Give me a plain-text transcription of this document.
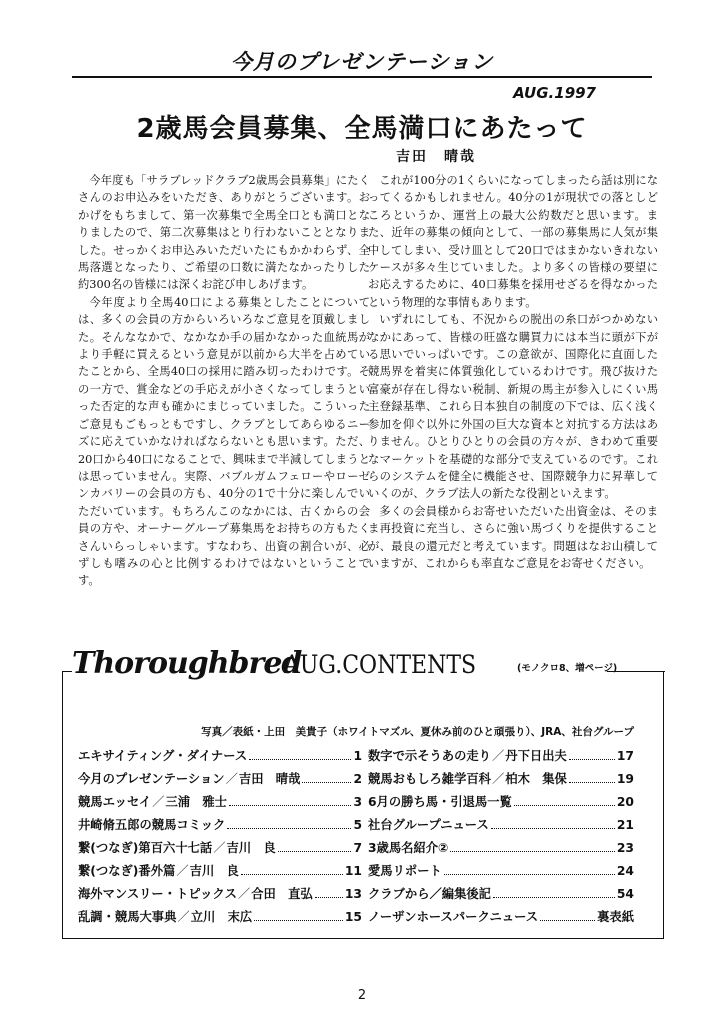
今月のプレゼンテーション
AUG.1997
2歳馬会員募集、全馬満口にあたって
吉田　晴哉

今年度も「サラブレッドクラブ2歳馬会員募集」にたくさんのお申込みをいただき、ありがとうございます。おかげをもちまして、第一次募集で全馬全口とも満口となりましたので、第二次募集はとり行わないこととなりました。せっかくお申込みいただいたにもかかわらず、全馬落選となったり、ご希望の口数に満たなかったりした約300名の皆様には深くお詫び申しあげます。

今年度より全馬40口による募集としたことについては、多くの会員の方からいろいろなご意見を頂戴しました。そんななかで、なかなか手の届かなかった血統馬がより手軽に買えるという意見が以前から大半を占めていたことから、全馬40口の採用に踏み切ったわけです。その一方で、賞金などの手応えが小さくなってしまうといった否定的な声も確かにまじっていました。こういったご意見もごもっともですし、クラブとしてあらゆるニーズに応えていかなければならないとも思います。ただ、20口から40口になることで、興味まで半減してしまうとは思っていません。実際、バブルガムフェローやローゼンカバリーの会員の方も、40分の1で十分に楽しんでいただいています。もちろんこのなかには、古くからの会員の方や、オーナーグループ募集馬をお持ちの方もたくさんいらっしゃいます。すなわち、出資の割合いが、必ずしも嗜みの心と比例するわけではないということです。

これが100分の1くらいになってしまったら話は別になってくるかもしれません。40分の1が現状での落としどころというか、運営上の最大公約数だと思います。また、近年の募集の傾向として、一部の募集馬に人気が集中してしまい、受け皿として20口ではまかないきれないケースが多々生じていました。より多くの皆様の要望にお応えするために、40口募集を採用せざるを得なかったという物理的な事情もあります。

いずれにしても、不況からの脱出の糸口がつかめないなかにあって、皆様の旺盛な購買力には本当に頭が下がる思いでいっぱいです。この意欲が、国際化に直面した競馬界を着実に体質強化しているわけです。飛び抜けた富豪が存在し得ない税制、新規の馬主が参入しにくい馬主登録基準、これら日本独自の制度の下では、広く浅く参加を仰ぐ以外に外国の巨大な資本と対抗する方法はありません。ひとりひとりの会員の方々が、きわめて重要なマーケットを基礎的な部分で支えているのです。これらのシステムを健全に機能させ、国際競争力に昇華していくのが、クラブ法人の新たな役割といえます。

多くの会員様からお寄せいただいた出資金は、そのまま再投資に充当し、さらに強い馬づくりを提供することが、最良の還元だと考えています。問題はなお山積していますが、これからも率直なご意見をお寄せください。

Thoroughbred
AUG.CONTENTS	(モノクロ8、増ページ)
写真／表紙・上田　美貴子（ホワイトマズル、夏休み前のひと頑張り）、JRA、社台グループ
エキサイティング・ダイナース	1
今月のプレゼンテーション ／ 吉田　晴哉	2
競馬エッセイ ／ 三浦　雅士	3
井崎脩五郎の競馬コミック	5
繋(つなぎ)第百六十七話 ／ 吉川　良	7
繋(つなぎ)番外篇 ／ 吉川　良	11
海外マンスリー・トピックス ／ 合田　直弘	13
乱調・競馬大事典 ／ 立川　末広	15
数字で示そうあの走り ／ 丹下日出夫	17
競馬おもしろ雑学百科 ／ 柏木　集保	19
6月の勝ち馬・引退馬一覧	20
社台グループニュース	21
3歳馬名紹介②	23
愛馬リポート	24
クラブから／編集後記	54
ノーザンホースパークニュース	裏表紙
2
